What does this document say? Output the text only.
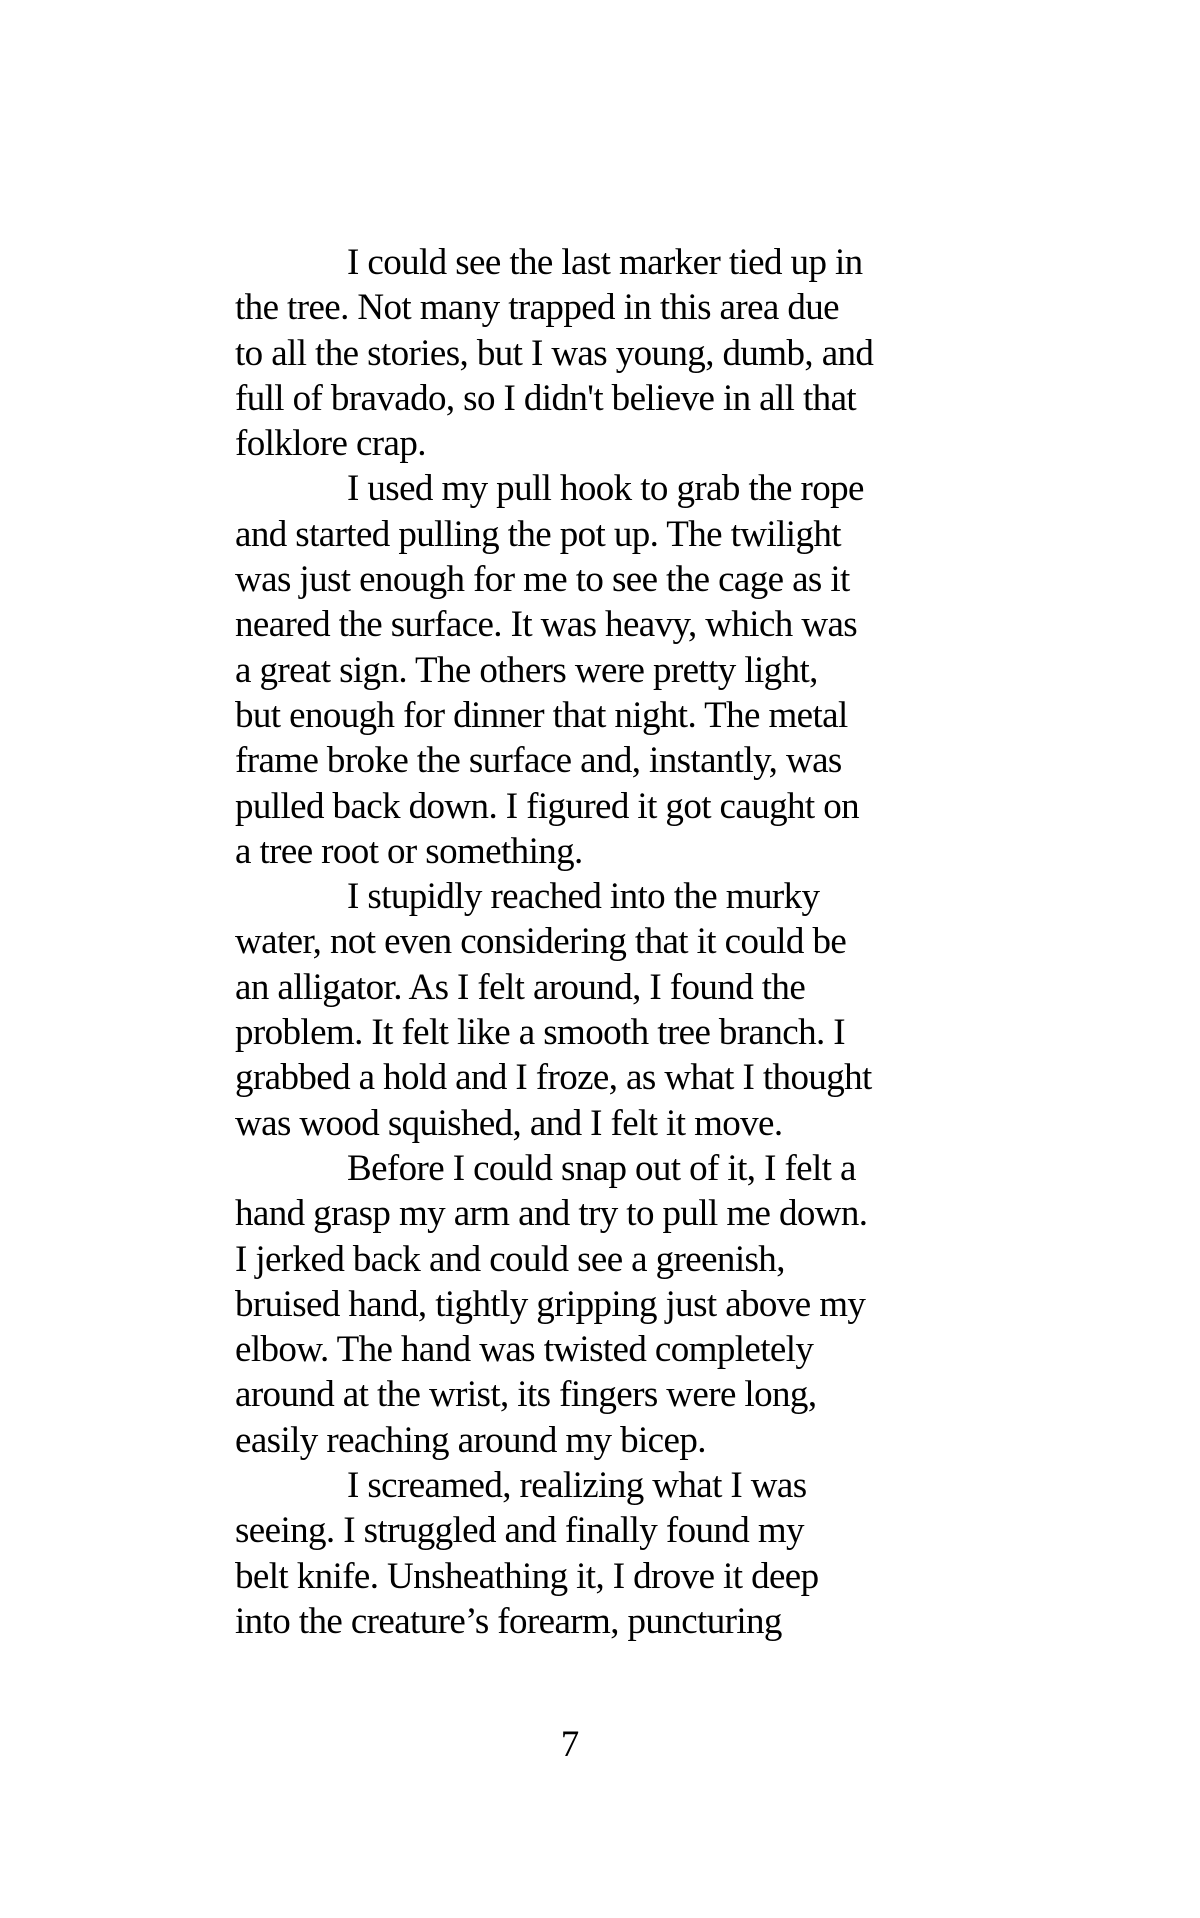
I could see the last marker tied up in
the tree. Not many trapped in this area due
to all the stories, but I was young, dumb, and
full of bravado, so I didn't believe in all that
folklore crap.
I used my pull hook to grab the rope
and started pulling the pot up. The twilight
was just enough for me to see the cage as it
neared the surface. It was heavy, which was
a great sign. The others were pretty light,
but enough for dinner that night. The metal
frame broke the surface and, instantly, was
pulled back down. I figured it got caught on
a tree root or something.
I stupidly reached into the murky
water, not even considering that it could be
an alligator. As I felt around, I found the
problem. It felt like a smooth tree branch. I
grabbed a hold and I froze, as what I thought
was wood squished, and I felt it move.
Before I could snap out of it, I felt a
hand grasp my arm and try to pull me down.
I jerked back and could see a greenish,
bruised hand, tightly gripping just above my
elbow. The hand was twisted completely
around at the wrist, its fingers were long,
easily reaching around my bicep.
I screamed, realizing what I was
seeing. I struggled and finally found my
belt knife. Unsheathing it, I drove it deep
into the creature’s forearm, puncturing
7
